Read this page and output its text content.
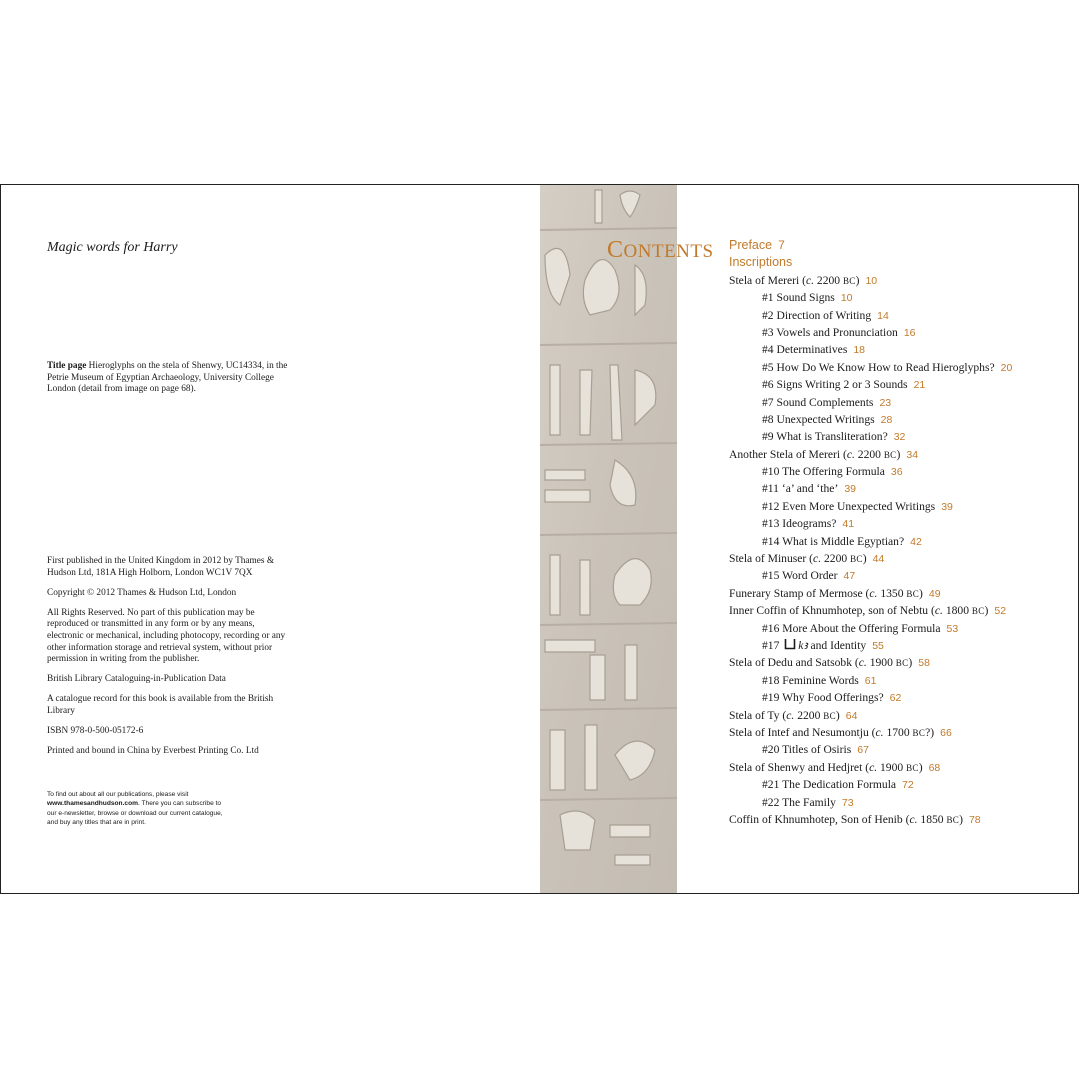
Magic words for Harry
Title page Hieroglyphs on the stela of Shenwy, UC14334, in the Petrie Museum of Egyptian Archaeology, University College London (detail from image on page 68).

First published in the United Kingdom in 2012 by Thames & Hudson Ltd, 181A High Holborn, London WC1V 7QX

Copyright © 2012 Thames & Hudson Ltd, London

All Rights Reserved. No part of this publication may be reproduced or transmitted in any form or by any means, electronic or mechanical, including photocopy, recording or any other information storage and retrieval system, without prior permission in writing from the publisher.

British Library Cataloguing-in-Publication Data

A catalogue record for this book is available from the British Library

ISBN 978-0-500-05172-6

Printed and bound in China by Everbest Printing Co. Ltd

To find out about all our publications, please visit
www.thamesandhudson.com. There you can subscribe to
our e-newsletter, browse or download our current catalogue,
and buy any titles that are in print.
CONTENTS Preface 7
Inscriptions
Stela of Mereri (c. 2200 BC) 10
#1 Sound Signs 10
#2 Direction of Writing 14
#3 Vowels and Pronunciation 16
#4 Determinatives 18
#5 How Do We Know How to Read Hieroglyphs? 20
#6 Signs Writing 2 or 3 Sounds 21
#7 Sound Complements 23
#8 Unexpected Writings 28
#9 What is Transliteration? 32
Another Stela of Mereri (c. 2200 BC) 34
#10 The Offering Formula 36
#11 ‘a’ and ‘the’ 39
#12 Even More Unexpected Writings 39
#13 Ideograms? 41
#14 What is Middle Egyptian? 42
Stela of Minuser (c. 2200 BC) 44
#15 Word Order 47
Funerary Stamp of Mermose (c. 1350 BC) 49
Inner Coffin of Khnumhotep, son of Nebtu (c. 1800 BC) 52
#16 More About the Offering Formula 53
#17 kꜣ and Identity 55
Stela of Dedu and Satsobk (c. 1900 BC) 58
#18 Feminine Words 61
#19 Why Food Offerings? 62
Stela of Ty (c. 2200 BC) 64
Stela of Intef and Nesumontju (c. 1700 BC?) 66
#20 Titles of Osiris 67
Stela of Shenwy and Hedjret (c. 1900 BC) 68
#21 The Dedication Formula 72
#22 The Family 73
Coffin of Khnumhotep, Son of Henib (c. 1850 BC) 78
